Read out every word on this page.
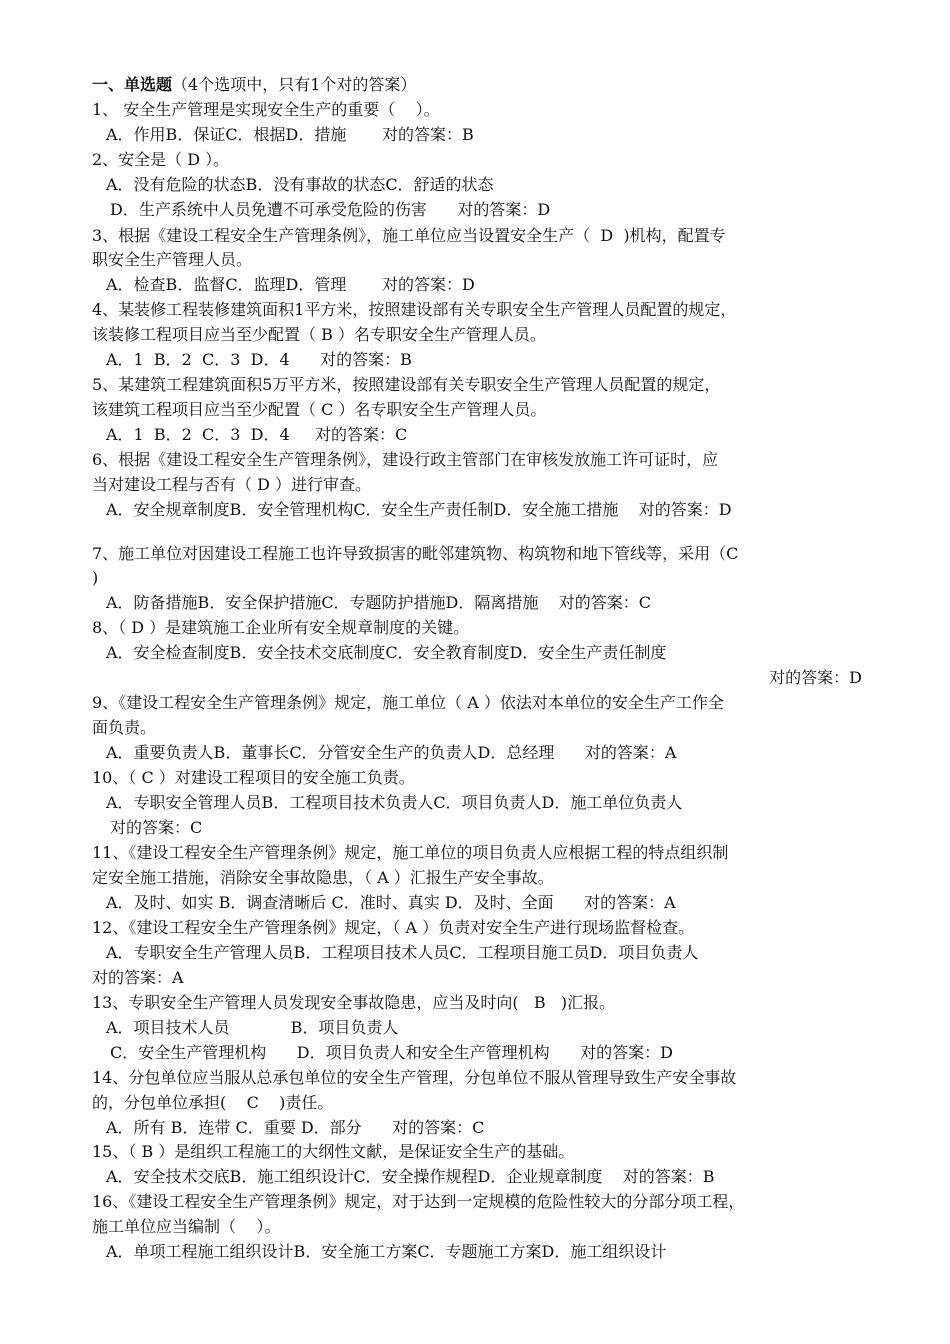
一、单选题（4个选项中，只有1个对的答案）
1、 安全生产管理是实现安全生产的重要（    ）。
A．作用B．保证C．根据D．措施       对的答案：B
2、安全是（ D ）。
A．没有危险的状态B．没有事故的状态C．舒适的状态
D．生产系统中人员免遭不可承受危险的伤害      对的答案：D
3、根据《建设工程安全生产管理条例》，施工单位应当设置安全生产（  D  )机构，配置专
职安全生产管理人员。
A．检查B．监督C．监理D．管理       对的答案：D
4、某装修工程装修建筑面积1平方米，按照建设部有关专职安全生产管理人员配置的规定，
该装修工程项目应当至少配置（ B ）名专职安全生产管理人员。
A．1  B．2  C．3  D．4      对的答案：B
5、某建筑工程建筑面积5万平方米，按照建设部有关专职安全生产管理人员配置的规定，
该建筑工程项目应当至少配置（ C ）名专职安全生产管理人员。
A．1  B．2  C．3  D．4     对的答案：C
6、根据《建设工程安全生产管理条例》，建设行政主管部门在审核发放施工许可证时，应
当对建设工程与否有（ D ）进行审查。
A．安全规章制度B．安全管理机构C．安全生产责任制D．安全施工措施    对的答案：D
7、施工单位对因建设工程施工也许导致损害的毗邻建筑物、构筑物和地下管线等，采用（C
)
A．防备措施B．安全保护措施C．专题防护措施D．隔离措施    对的答案：C
8、（ D ）是建筑施工企业所有安全规章制度的关键。
A．安全检查制度B．安全技术交底制度C．安全教育制度D．安全生产责任制度
对的答案：D
9、《建设工程安全生产管理条例》规定，施工单位（ A ）依法对本单位的安全生产工作全
面负责。
A．重要负责人B．董事长C．分管安全生产的负责人D．总经理      对的答案：A
10、（ C ）对建设工程项目的安全施工负责。
A．专职安全管理人员B．工程项目技术负责人C．项目负责人D．施工单位负责人
对的答案：C
11、《建设工程安全生产管理条例》规定，施工单位的项目负责人应根据工程的特点组织制
定安全施工措施，消除安全事故隐患，（ A ）汇报生产安全事故。
A．及时、如实 B．调查清晰后 C．准时、真实 D．及时、全面      对的答案：A
12、《建设工程安全生产管理条例》规定，（ A ）负责对安全生产进行现场监督检查。
A．专职安全生产管理人员B．工程项目技术人员C．工程项目施工员D．项目负责人
对的答案：A
13、专职安全生产管理人员发现安全事故隐患，应当及时向(   B   )汇报。
A．项目技术人员            B．项目负责人
C．安全生产管理机构      D．项目负责人和安全生产管理机构      对的答案：D
14、分包单位应当服从总承包单位的安全生产管理，分包单位不服从管理导致生产安全事故
的，分包单位承担(    C    )责任。
A．所有 B．连带 C．重要 D．部分      对的答案：C
15、（ B ）是组织工程施工的大纲性文献，是保证安全生产的基础。
A．安全技术交底B．施工组织设计C．安全操作规程D．企业规章制度    对的答案：B
16、《建设工程安全生产管理条例》规定，对于达到一定规模的危险性较大的分部分项工程，
施工单位应当编制（    ）。
A．单项工程施工组织设计B．安全施工方案C．专题施工方案D．施工组织设计
